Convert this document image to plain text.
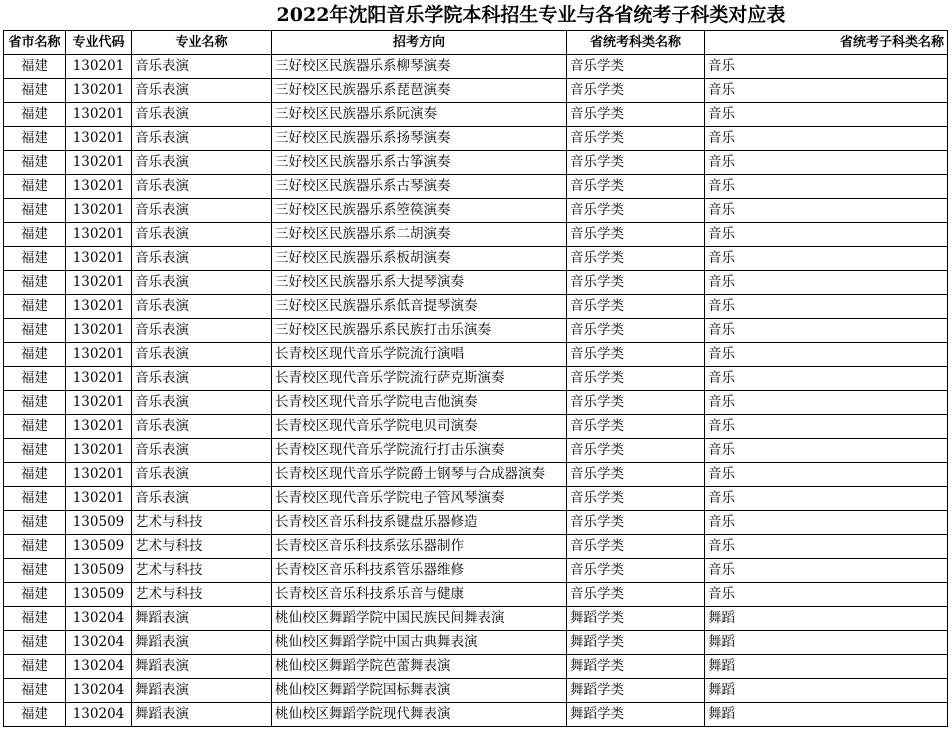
2022年沈阳音乐学院本科招生专业与各省统考子科类对应表
省市名称	专业代码	专业名称	招考方向	省统考科类名称	省统考子科类名称
福建	130201	音乐表演	三好校区民族器乐系柳琴演奏	音乐学类	音乐
福建	130201	音乐表演	三好校区民族器乐系琵琶演奏	音乐学类	音乐
福建	130201	音乐表演	三好校区民族器乐系阮演奏	音乐学类	音乐
福建	130201	音乐表演	三好校区民族器乐系扬琴演奏	音乐学类	音乐
福建	130201	音乐表演	三好校区民族器乐系古筝演奏	音乐学类	音乐
福建	130201	音乐表演	三好校区民族器乐系古琴演奏	音乐学类	音乐
福建	130201	音乐表演	三好校区民族器乐系箜篌演奏	音乐学类	音乐
福建	130201	音乐表演	三好校区民族器乐系二胡演奏	音乐学类	音乐
福建	130201	音乐表演	三好校区民族器乐系板胡演奏	音乐学类	音乐
福建	130201	音乐表演	三好校区民族器乐系大提琴演奏	音乐学类	音乐
福建	130201	音乐表演	三好校区民族器乐系低音提琴演奏	音乐学类	音乐
福建	130201	音乐表演	三好校区民族器乐系民族打击乐演奏	音乐学类	音乐
福建	130201	音乐表演	长青校区现代音乐学院流行演唱	音乐学类	音乐
福建	130201	音乐表演	长青校区现代音乐学院流行萨克斯演奏	音乐学类	音乐
福建	130201	音乐表演	长青校区现代音乐学院电吉他演奏	音乐学类	音乐
福建	130201	音乐表演	长青校区现代音乐学院电贝司演奏	音乐学类	音乐
福建	130201	音乐表演	长青校区现代音乐学院流行打击乐演奏	音乐学类	音乐
福建	130201	音乐表演	长青校区现代音乐学院爵士钢琴与合成器演奏	音乐学类	音乐
福建	130201	音乐表演	长青校区现代音乐学院电子管风琴演奏	音乐学类	音乐
福建	130509	艺术与科技	长青校区音乐科技系键盘乐器修造	音乐学类	音乐
福建	130509	艺术与科技	长青校区音乐科技系弦乐器制作	音乐学类	音乐
福建	130509	艺术与科技	长青校区音乐科技系管乐器维修	音乐学类	音乐
福建	130509	艺术与科技	长青校区音乐科技系乐音与健康	音乐学类	音乐
福建	130204	舞蹈表演	桃仙校区舞蹈学院中国民族民间舞表演	舞蹈学类	舞蹈
福建	130204	舞蹈表演	桃仙校区舞蹈学院中国古典舞表演	舞蹈学类	舞蹈
福建	130204	舞蹈表演	桃仙校区舞蹈学院芭蕾舞表演	舞蹈学类	舞蹈
福建	130204	舞蹈表演	桃仙校区舞蹈学院国标舞表演	舞蹈学类	舞蹈
福建	130204	舞蹈表演	桃仙校区舞蹈学院现代舞表演	舞蹈学类	舞蹈
